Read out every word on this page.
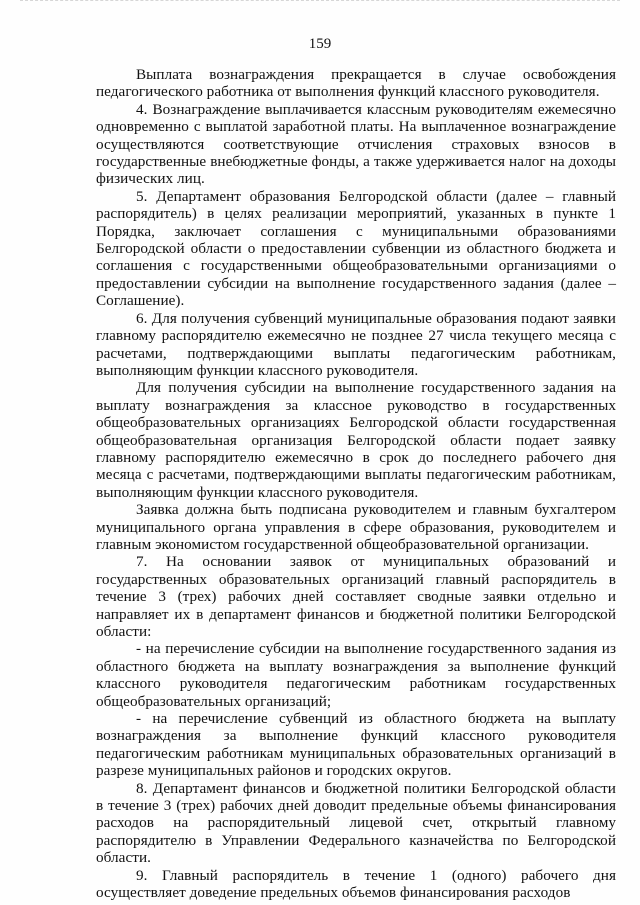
159

Выплата вознаграждения прекращается в случае освобождения педагогического работника от выполнения функций классного руководителя.

4. Вознаграждение выплачивается классным руководителям ежемесячно одновременно с выплатой заработной платы. На выплаченное вознаграждение осуществляются соответствующие отчисления страховых взносов в государственные внебюджетные фонды, а также удерживается налог на доходы физических лиц.

5. Департамент образования Белгородской области (далее – главный распорядитель) в целях реализации мероприятий, указанных в пункте 1 Порядка, заключает соглашения с муниципальными образованиями Белгородской области о предоставлении субвенции из областного бюджета и соглашения с государственными общеобразовательными организациями о предоставлении субсидии на выполнение государственного задания (далее – Соглашение).

6. Для получения субвенций муниципальные образования подают заявки главному распорядителю ежемесячно не позднее 27 числа текущего месяца с расчетами, подтверждающими выплаты педагогическим работникам, выполняющим функции классного руководителя.

Для получения субсидии на выполнение государственного задания на выплату вознаграждения за классное руководство в государственных общеобразовательных организациях Белгородской области государственная общеобразовательная организация Белгородской области подает заявку главному распорядителю ежемесячно в срок до последнего рабочего дня месяца с расчетами, подтверждающими выплаты педагогическим работникам, выполняющим функции классного руководителя.

Заявка должна быть подписана руководителем и главным бухгалтером муниципального органа управления в сфере образования, руководителем и главным экономистом государственной общеобразовательной организации.

7. На основании заявок от муниципальных образований и государственных образовательных организаций главный распорядитель в течение 3 (трех) рабочих дней составляет сводные заявки отдельно и направляет их в департамент финансов и бюджетной политики Белгородской области:

- на перечисление субсидии на выполнение государственного задания из областного бюджета на выплату вознаграждения за выполнение функций классного руководителя педагогическим работникам государственных общеобразовательных организаций;

- на перечисление субвенций из областного бюджета на выплату вознаграждения за выполнение функций классного руководителя педагогическим работникам муниципальных образовательных организаций в разрезе муниципальных районов и городских округов.

8. Департамент финансов и бюджетной политики Белгородской области в течение 3 (трех) рабочих дней доводит предельные объемы финансирования расходов на распорядительный лицевой счет, открытый главному распорядителю в Управлении Федерального казначейства по Белгородской области.

9. Главный распорядитель в течение 1 (одного) рабочего дня осуществляет доведение предельных объемов финансирования расходов
